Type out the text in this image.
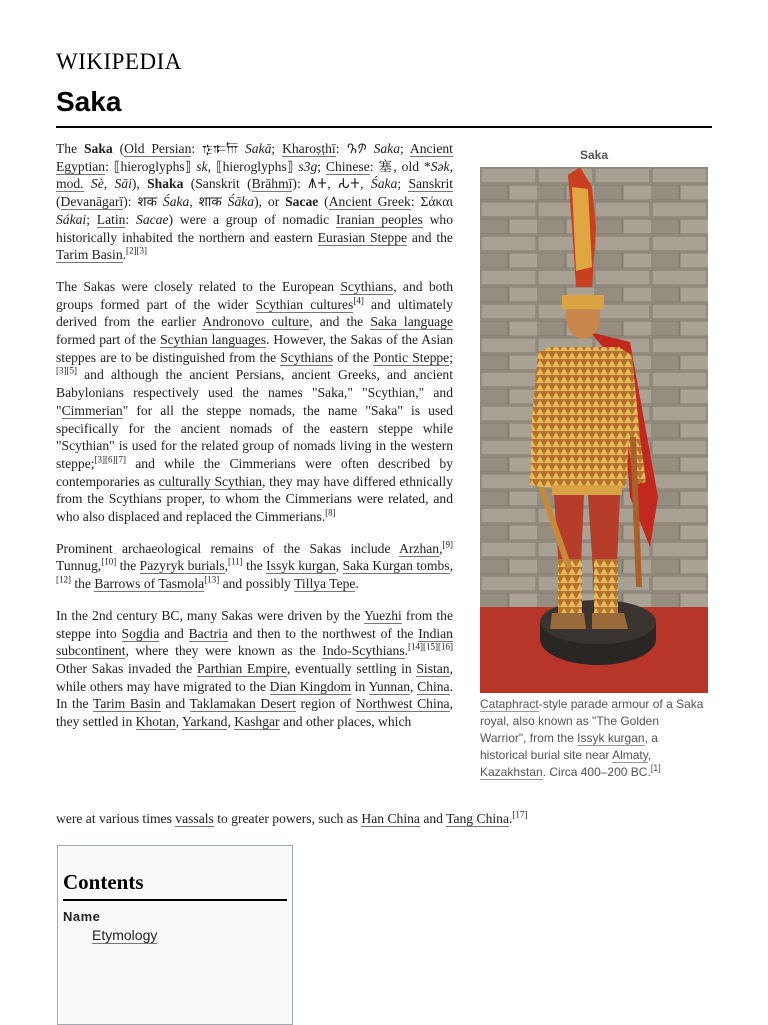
WIKIPEDIA
Saka

The Saka (Old Persian: 𐎿𐎣𐎠 Sakā; Kharoṣṭhī: 𐨮𐨐 Saka; Ancient Egyptian: ⟦hieroglyphs⟧ sk, ⟦hieroglyphs⟧ s3g; Chinese: 塞, old *Sək, mod. Sè, Sāi), Shaka (Sanskrit (Brāhmī): 𑀰𑀓, 𑀲𑀓, Śaka; Sanskrit (Devanāgarī): शक Śaka, शाक Śāka), or Sacae (Ancient Greek: Σάκαι Sákai; Latin: Sacae) were a group of nomadic Iranian peoples who historically inhabited the northern and eastern Eurasian Steppe and the Tarim Basin.[2][3]

The Sakas were closely related to the European Scythians, and both groups formed part of the wider Scythian cultures[4] and ultimately derived from the earlier Andronovo culture, and the Saka language formed part of the Scythian languages. However, the Sakas of the Asian steppes are to be distinguished from the Scythians of the Pontic Steppe;[3][5] and although the ancient Persians, ancient Greeks, and ancient Babylonians respectively used the names "Saka," "Scythian," and "Cimmerian" for all the steppe nomads, the name "Saka" is used specifically for the ancient nomads of the eastern steppe while "Scythian" is used for the related group of nomads living in the western steppe;[3][6][7] and while the Cimmerians were often described by contemporaries as culturally Scythian, they may have differed ethnically from the Scythians proper, to whom the Cimmerians were related, and who also displaced and replaced the Cimmerians.[8]

Prominent archaeological remains of the Sakas include Arzhan,[9] Tunnug,[10] the Pazyryk burials,[11] the Issyk kurgan, Saka Kurgan tombs,[12] the Barrows of Tasmola[13] and possibly Tillya Tepe.

In the 2nd century BC, many Sakas were driven by the Yuezhi from the steppe into Sogdia and Bactria and then to the northwest of the Indian subcontinent, where they were known as the Indo-Scythians.[14][15][16] Other Sakas invaded the Parthian Empire, eventually settling in Sistan, while others may have migrated to the Dian Kingdom in Yunnan, China. In the Tarim Basin and Taklamakan Desert region of Northwest China, they settled in Khotan, Yarkand, Kashgar and other places, which

were at various times vassals to greater powers, such as Han China and Tang China.[17]
Saka
Cataphract-style parade armour of a Saka royal, also known as "The Golden Warrior", from the Issyk kurgan, a historical burial site near Almaty, Kazakhstan. Circa 400–200 BC.[1]
Contents
Name
Etymology
